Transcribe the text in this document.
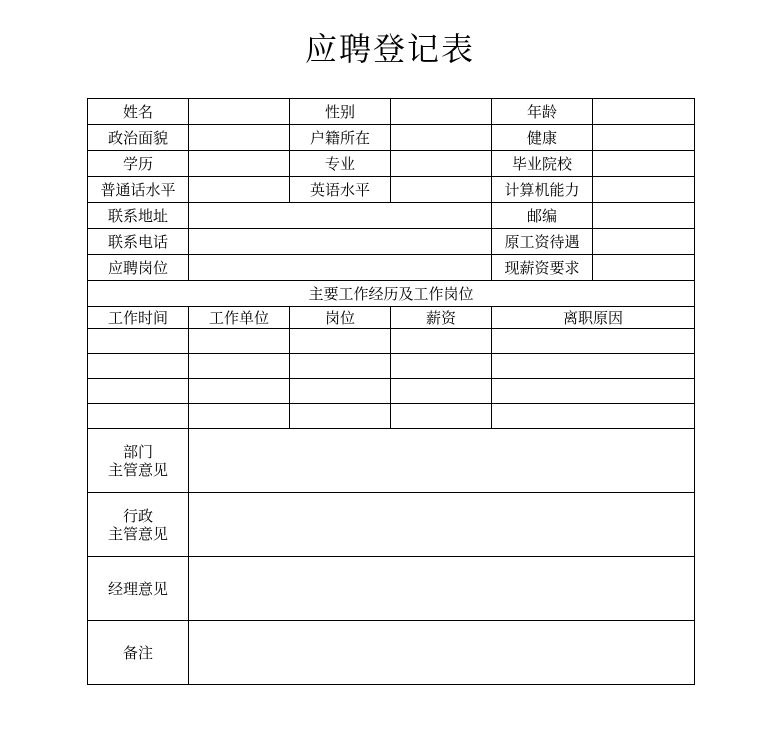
应聘登记表
姓名		性别		年龄	
政治面貌		户籍所在		健康	
学历		专业		毕业院校	
普通话水平		英语水平		计算机能力	
联系地址				邮编	
联系电话				原工资待遇	
应聘岗位				现薪资要求	
主要工作经历及工作岗位					
工作时间	工作单位	岗位	薪资	离职原因	

部门
主管意见					

行政
主管意见					

经理意见					
备注					
